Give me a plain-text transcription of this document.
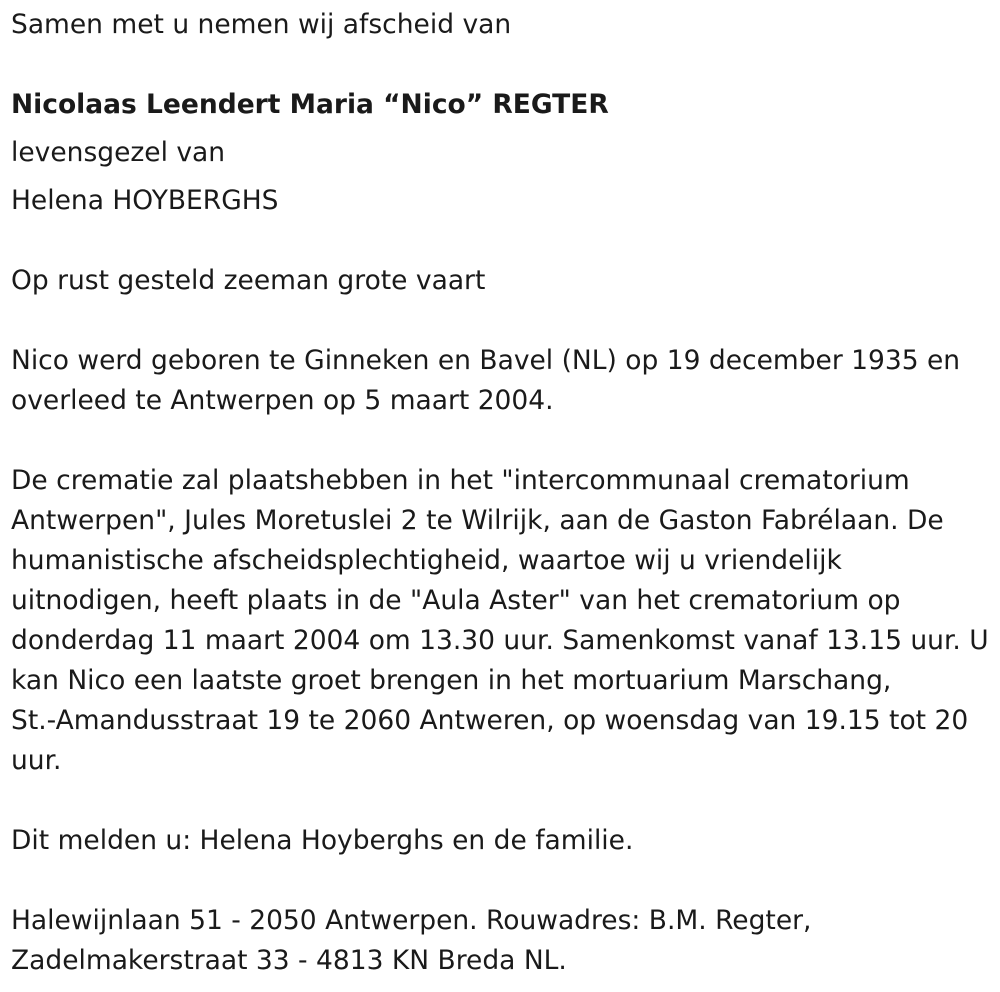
Samen met u nemen wij afscheid van

Nicolaas Leendert Maria “Nico” REGTER

levensgezel van

Helena HOYBERGHS

Op rust gesteld zeeman grote vaart

Nico werd geboren te Ginneken en Bavel (NL) op 19 december 1935 en
overleed te Antwerpen op 5 maart 2004.
De crematie zal plaatshebben in het "intercommunaal crematorium
Antwerpen", Jules Moretuslei 2 te Wilrijk, aan de Gaston Fabrélaan. De
humanistische afscheidsplechtigheid, waartoe wij u vriendelijk
uitnodigen, heeft plaats in de "Aula Aster" van het crematorium op
donderdag 11 maart 2004 om 13.30 uur. Samenkomst vanaf 13.15 uur. U
kan Nico een laatste groet brengen in het mortuarium Marschang,
St.-Amandusstraat 19 te 2060 Antweren, op woensdag van 19.15 tot 20
uur.

Dit melden u: Helena Hoyberghs en de familie.

Halewijnlaan 51 - 2050 Antwerpen. Rouwadres: B.M. Regter,
Zadelmakerstraat 33 - 4813 KN Breda NL.
